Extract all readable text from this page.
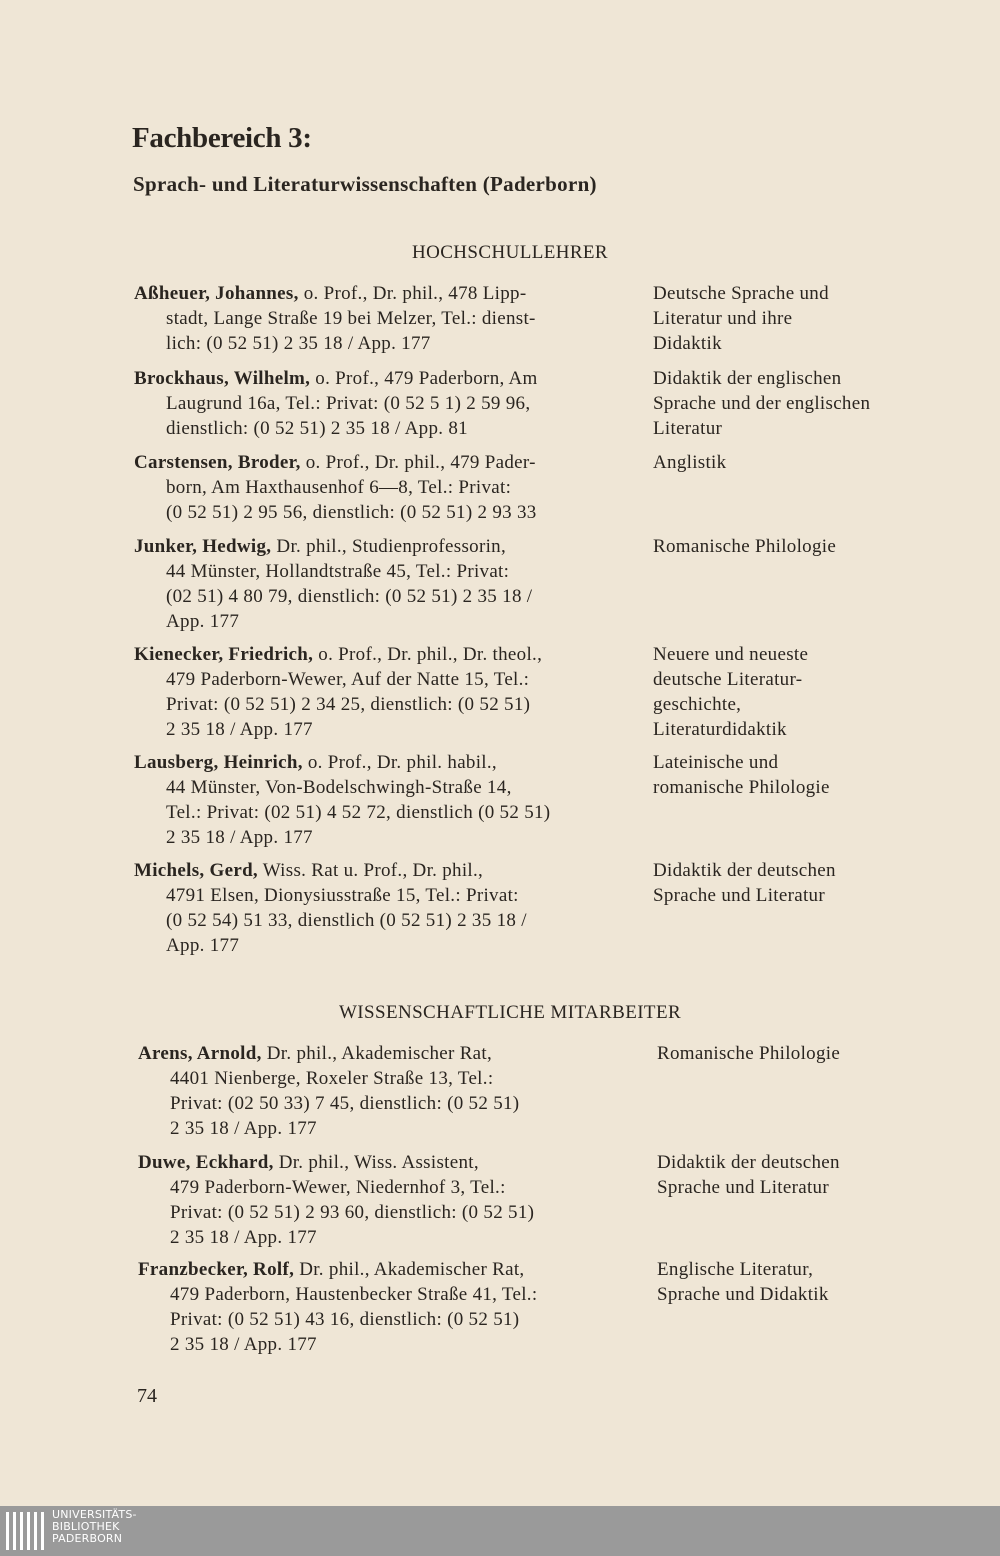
Fachbereich 3:
Sprach- und Literaturwissenschaften (Paderborn)
HOCHSCHULLEHRER
WISSENSCHAFTLICHE MITARBEITER
Aßheuer, Johannes, o. Prof., Dr. phil., 478 Lipp-
stadt, Lange Straße 19 bei Melzer, Tel.: dienst-
lich: (0 52 51) 2 35 18 / App. 177
Deutsche Sprache und
Literatur und ihre
Didaktik
Brockhaus, Wilhelm, o. Prof., 479 Paderborn, Am
Laugrund 16a, Tel.: Privat: (0 52 5 1) 2 59 96,
dienstlich: (0 52 51) 2 35 18 / App. 81
Didaktik der englischen
Sprache und der englischen
Literatur
Carstensen, Broder, o. Prof., Dr. phil., 479 Pader-
born, Am Haxthausenhof 6—8, Tel.: Privat:
(0 52 51) 2 95 56, dienstlich: (0 52 51) 2 93 33
Anglistik
Junker, Hedwig, Dr. phil., Studienprofessorin,
44 Münster, Hollandtstraße 45, Tel.: Privat:
(02 51) 4 80 79, dienstlich: (0 52 51) 2 35 18 /
App. 177
Romanische Philologie
Kienecker, Friedrich, o. Prof., Dr. phil., Dr. theol.,
479 Paderborn-Wewer, Auf der Natte 15, Tel.:
Privat: (0 52 51) 2 34 25, dienstlich: (0 52 51)
2 35 18 / App. 177
Neuere und neueste
deutsche Literatur-
geschichte,
Literaturdidaktik
Lausberg, Heinrich, o. Prof., Dr. phil. habil.,
44 Münster, Von-Bodelschwingh-Straße 14,
Tel.: Privat: (02 51) 4 52 72, dienstlich (0 52 51)
2 35 18 / App. 177
Lateinische und
romanische Philologie
Michels, Gerd, Wiss. Rat u. Prof., Dr. phil.,
4791 Elsen, Dionysiusstraße 15, Tel.: Privat:
(0 52 54) 51 33, dienstlich (0 52 51) 2 35 18 /
App. 177
Didaktik der deutschen
Sprache und Literatur
Arens, Arnold, Dr. phil., Akademischer Rat,
4401 Nienberge, Roxeler Straße 13, Tel.:
Privat: (02 50 33) 7 45, dienstlich: (0 52 51)
2 35 18 / App. 177
Romanische Philologie
Duwe, Eckhard, Dr. phil., Wiss. Assistent,
479 Paderborn-Wewer, Niedernhof 3, Tel.:
Privat: (0 52 51) 2 93 60, dienstlich: (0 52 51)
2 35 18 / App. 177
Didaktik der deutschen
Sprache und Literatur
Franzbecker, Rolf, Dr. phil., Akademischer Rat,
479 Paderborn, Haustenbecker Straße 41, Tel.:
Privat: (0 52 51) 43 16, dienstlich: (0 52 51)
2 35 18 / App. 177
Englische Literatur,
Sprache und Didaktik
74
UNIVERSITÄTS-
BIBLIOTHEK
PADERBORN
